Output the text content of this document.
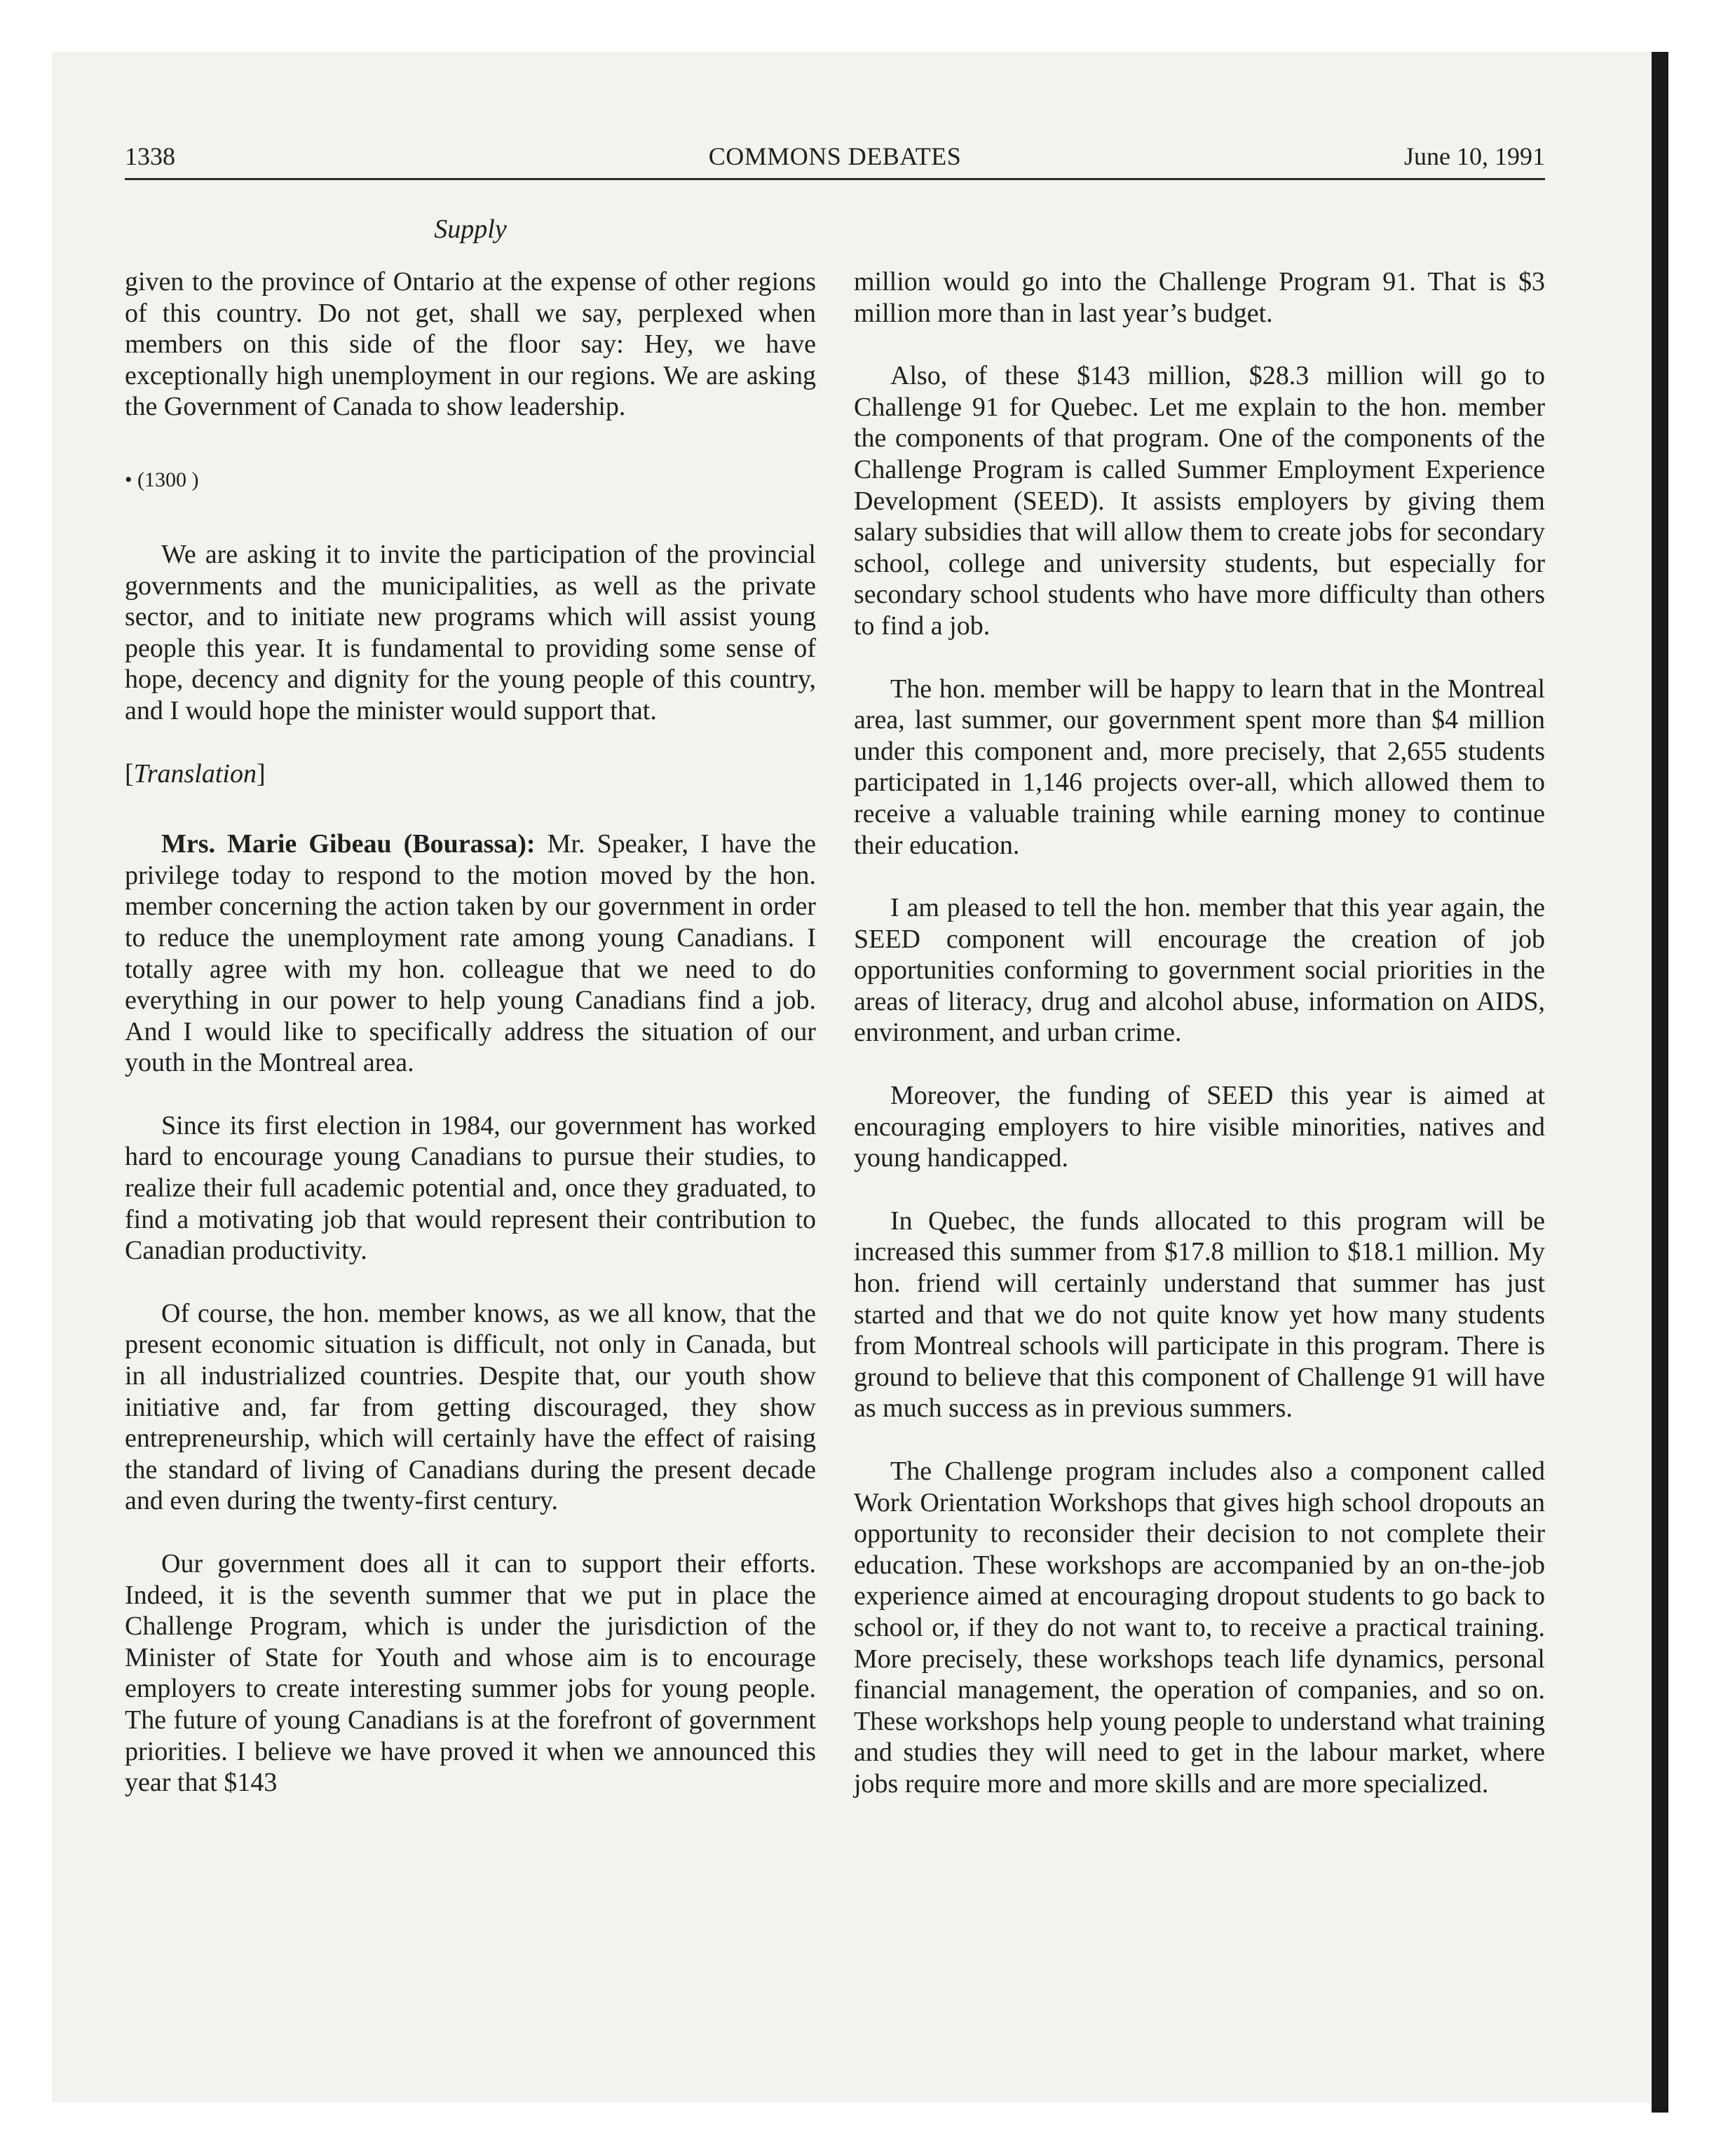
1338	COMMONS DEBATES	June 10, 1991
Supply

given to the province of Ontario at the expense of other regions of this country. Do not get, shall we say, perplexed when members on this side of the floor say: Hey, we have exceptionally high unemployment in our regions. We are asking the Government of Canada to show leadership.

• (1300 )

We are asking it to invite the participation of the provincial governments and the municipalities, as well as the private sector, and to initiate new programs which will assist young people this year. It is fundamental to providing some sense of hope, decency and dignity for the young people of this country, and I would hope the minister would support that.

[Translation]

Mrs. Marie Gibeau (Bourassa): Mr. Speaker, I have the privilege today to respond to the motion moved by the hon. member concerning the action taken by our government in order to reduce the unemployment rate among young Canadians. I totally agree with my hon. colleague that we need to do everything in our power to help young Canadians find a job. And I would like to specifically address the situation of our youth in the Montreal area.

Since its first election in 1984, our government has worked hard to encourage young Canadians to pursue their studies, to realize their full academic potential and, once they graduated, to find a motivating job that would represent their contribution to Canadian productivity.

Of course, the hon. member knows, as we all know, that the present economic situation is difficult, not only in Canada, but in all industrialized countries. Despite that, our youth show initiative and, far from getting discouraged, they show entrepreneurship, which will certainly have the effect of raising the standard of living of Canadians during the present decade and even during the twenty-first century.

Our government does all it can to support their efforts. Indeed, it is the seventh summer that we put in place the Challenge Program, which is under the jurisdiction of the Minister of State for Youth and whose aim is to encourage employers to create interesting summer jobs for young people. The future of young Canadians is at the forefront of government priorities. I believe we have proved it when we announced this year that $143

million would go into the Challenge Program 91. That is $3 million more than in last year’s budget.

Also, of these $143 million, $28.3 million will go to Challenge 91 for Quebec. Let me explain to the hon. member the components of that program. One of the components of the Challenge Program is called Summer Employment Experience Development (SEED). It assists employers by giving them salary subsidies that will allow them to create jobs for secondary school, college and university students, but especially for secondary school students who have more difficulty than others to find a job.

The hon. member will be happy to learn that in the Montreal area, last summer, our government spent more than $4 million under this component and, more precisely, that 2,655 students participated in 1,146 projects over-all, which allowed them to receive a valuable training while earning money to continue their education.

I am pleased to tell the hon. member that this year again, the SEED component will encourage the creation of job opportunities conforming to government social priorities in the areas of literacy, drug and alcohol abuse, information on AIDS, environment, and urban crime.

Moreover, the funding of SEED this year is aimed at encouraging employers to hire visible minorities, natives and young handicapped.

In Quebec, the funds allocated to this program will be increased this summer from $17.8 million to $18.1 million. My hon. friend will certainly understand that summer has just started and that we do not quite know yet how many students from Montreal schools will participate in this program. There is ground to believe that this component of Challenge 91 will have as much success as in previous summers.

The Challenge program includes also a component called Work Orientation Workshops that gives high school dropouts an opportunity to reconsider their decision to not complete their education. These workshops are accompanied by an on-the-job experience aimed at encouraging dropout students to go back to school or, if they do not want to, to receive a practical training. More precisely, these workshops teach life dynamics, personal financial management, the operation of companies, and so on. These workshops help young people to understand what training and studies they will need to get in the labour market, where jobs require more and more skills and are more specialized.
